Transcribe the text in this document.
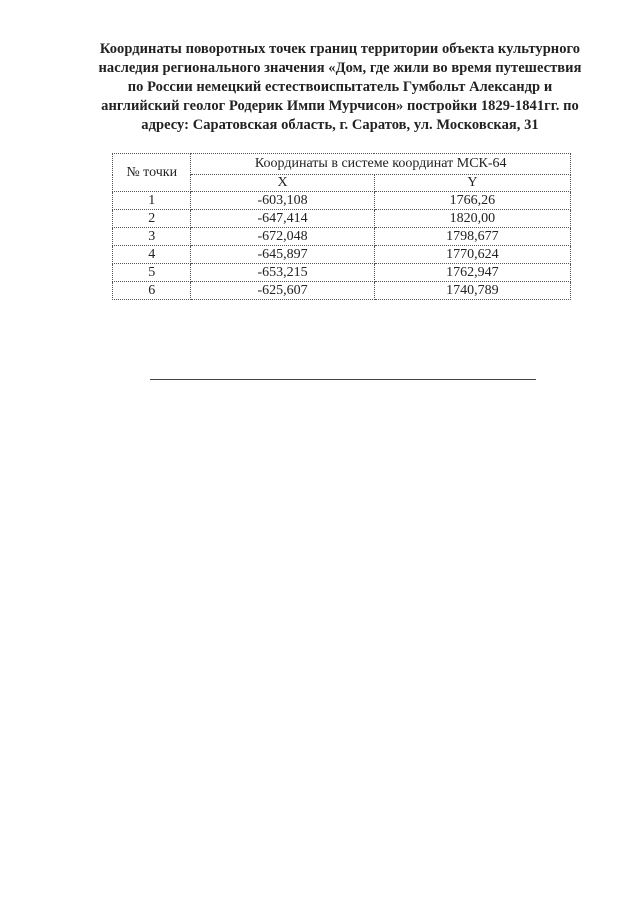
Координаты поворотных точек границ территории объекта культурного
наследия регионального значения «Дом, где жили во время путешествия
по России немецкий естествоиспытатель Гумбольт Александр и
английский геолог Родерик Импи Мурчисон» постройки 1829-1841гг. по
адресу: Саратовская область, г. Саратов, ул. Московская, 31
№ точки	Координаты в системе координат МСК-64	
	X	Y
1	-603,108	1766,26
2	-647,414	1820,00
3	-672,048	1798,677
4	-645,897	1770,624
5	-653,215	1762,947
6	-625,607	1740,789
